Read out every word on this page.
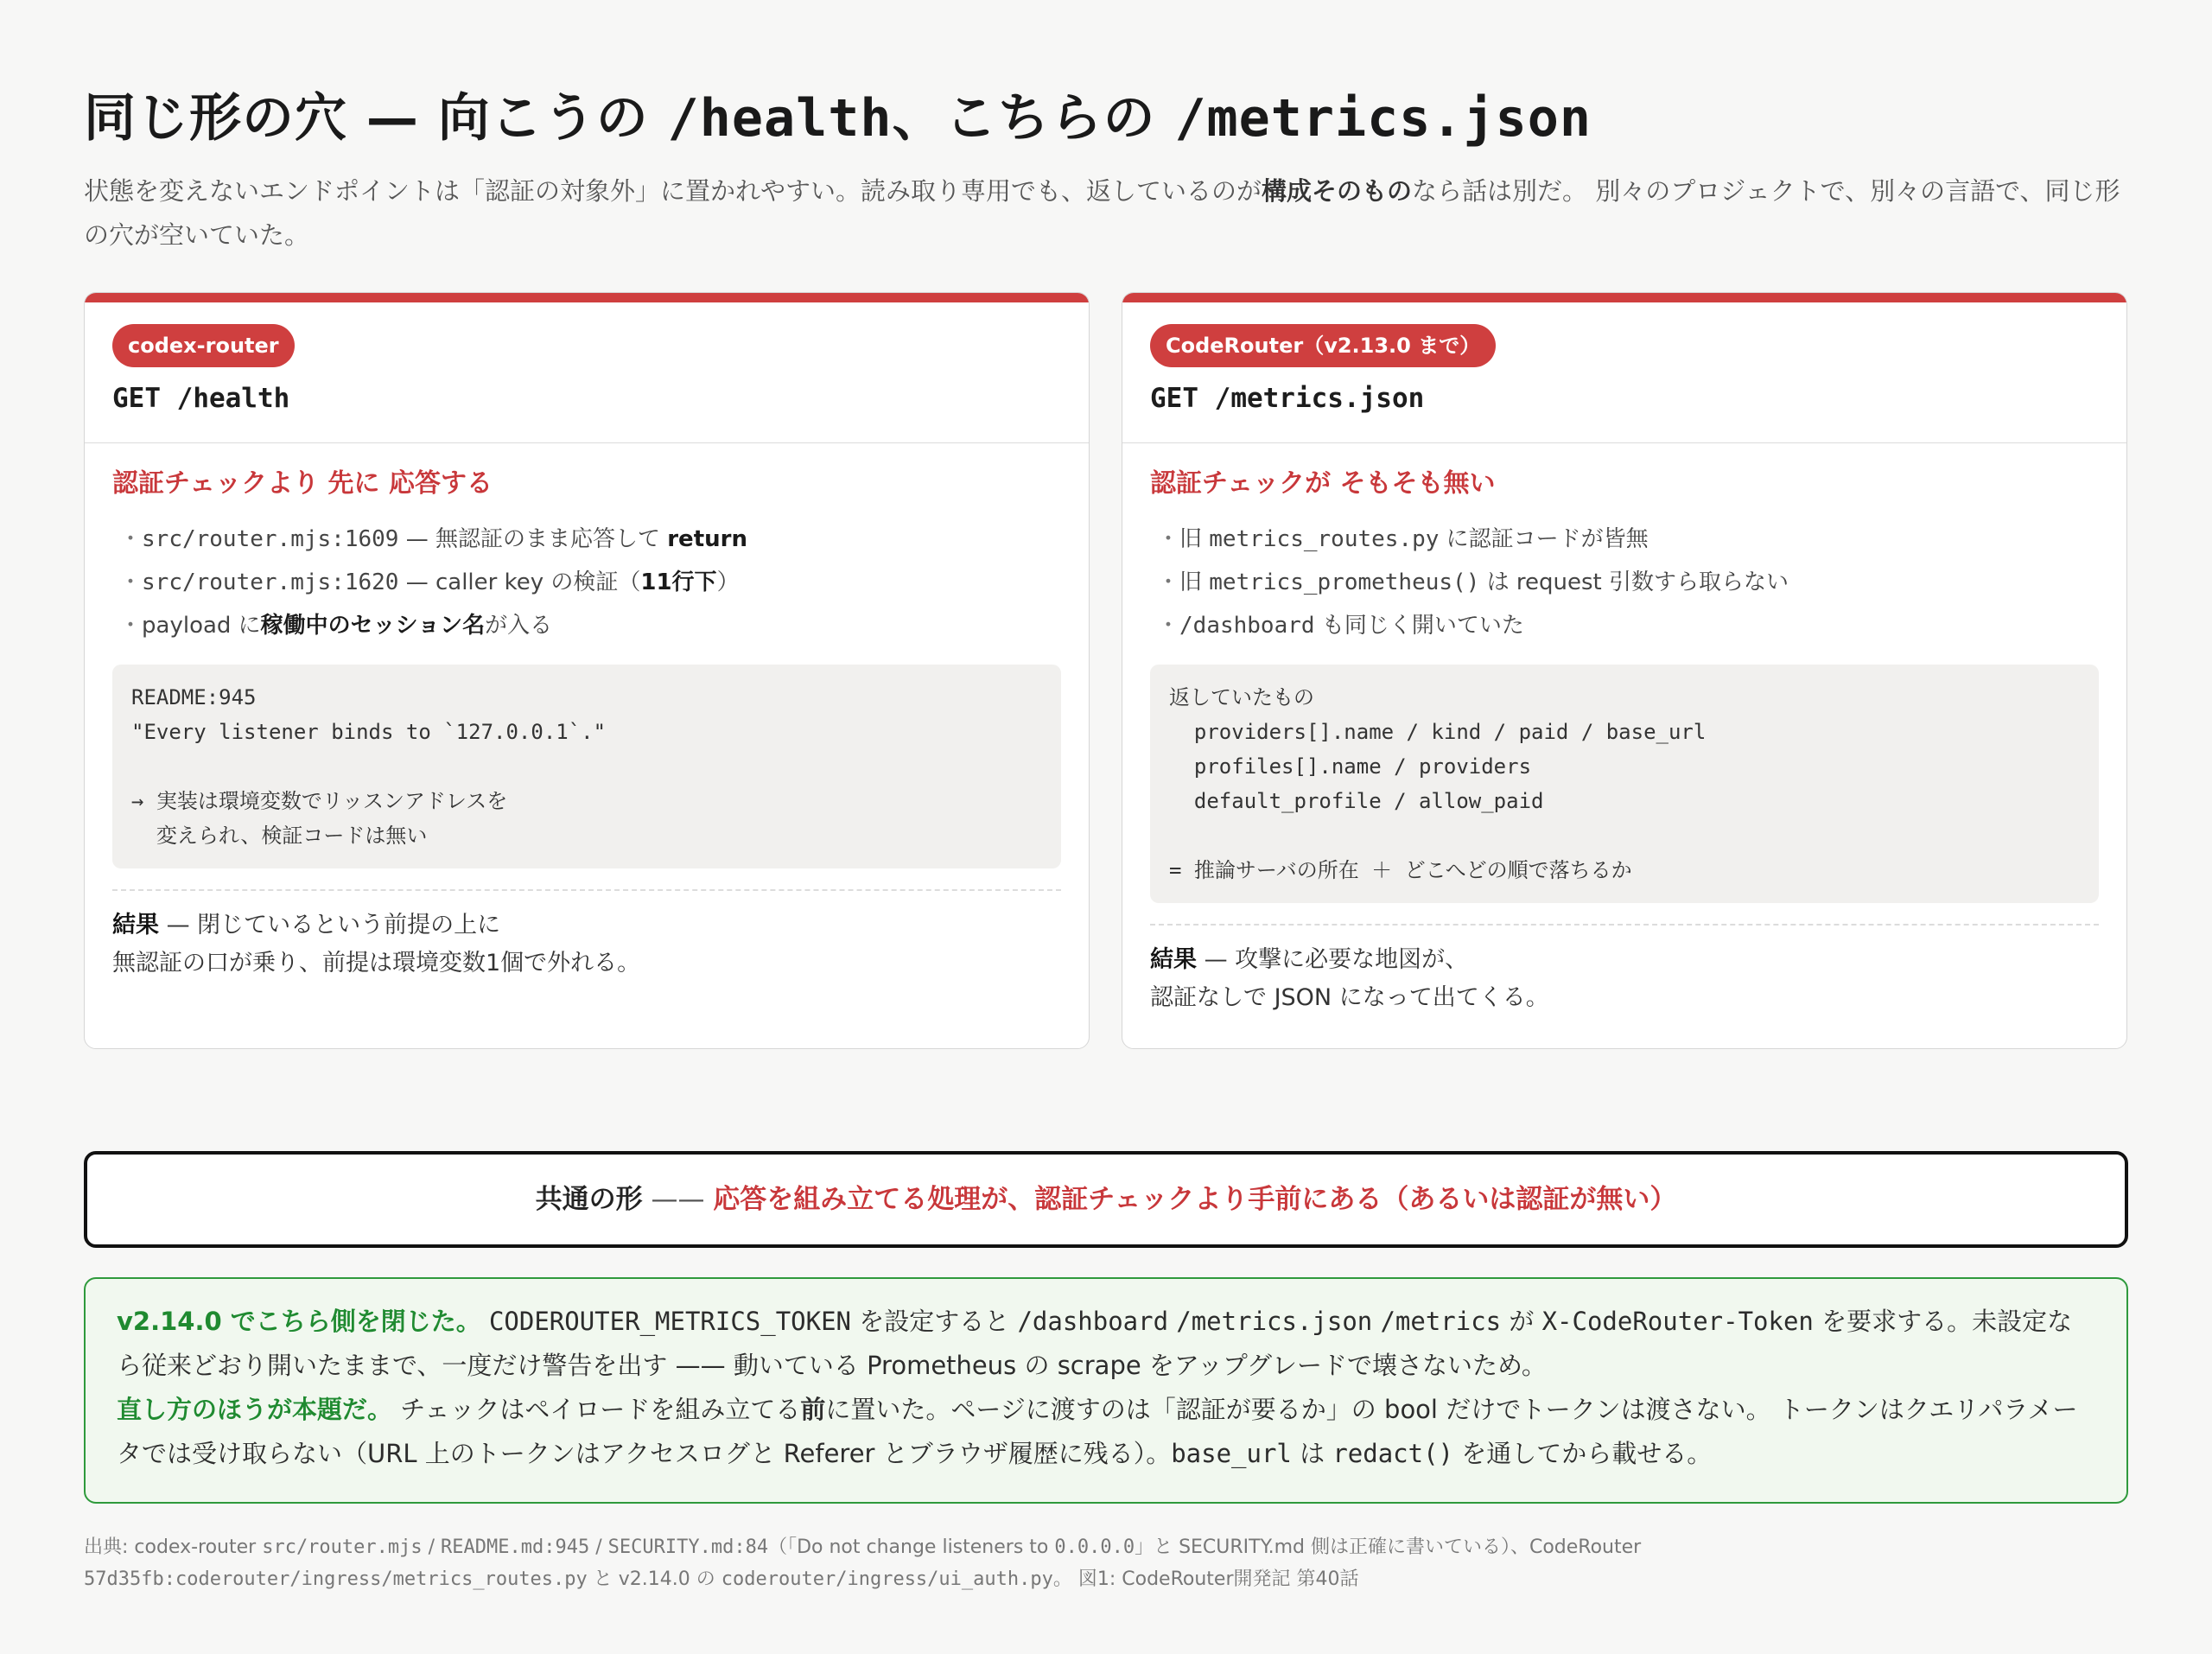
同じ形の穴 — 向こうの /health、こちらの /metrics.json
状態を変えないエンドポイントは「認証の対象外」に置かれやすい。読み取り専用でも、返しているのが構成そのものなら話は別だ。 別々のプロジェクトで、別々の言語で、同じ形の穴が空いていた。
codex-router
GET /health
認証チェックより 先に 応答する
・ src/router.mjs:1609 — 無認証のまま応答して return
・ src/router.mjs:1620 — caller key の検証（11行下）
・ payload に稼働中のセッション名が入る
README:945
"Every listener binds to `127.0.0.1`."

→ 実装は環境変数でリッスンアドレスを
変えられ、検証コードは無い
結果 — 閉じているという前提の上に
無認証の口が乗り、前提は環境変数1個で外れる。
CodeRouter（v2.13.0 まで）
GET /metrics.json
認証チェックが そもそも無い
・ 旧 metrics_routes.py に認証コードが皆無
・ 旧 metrics_prometheus() は request 引数すら取らない
・ /dashboard も同じく開いていた
返していたもの
providers[].name / kind / paid / base_url
profiles[].name / providers
default_profile / allow_paid

= 推論サーバの所在 ＋ どこへどの順で落ちるか
結果 — 攻撃に必要な地図が、
認証なしで JSON になって出てくる。
共通の形 —— 応答を組み立てる処理が、認証チェックより手前にある（あるいは認証が無い）
v2.14.0 でこちら側を閉じた。 CODEROUTER_METRICS_TOKEN を設定すると /dashboard /metrics.json /metrics が X-CodeRouter-Token を要求する。未設定なら従来どおり開いたままで、一度だけ警告を出す —— 動いている Prometheus の scrape をアップグレードで壊さないため。
直し方のほうが本題だ。 チェックはペイロードを組み立てる前に置いた。ページに渡すのは「認証が要るか」の bool だけでトークンは渡さない。 トークンはクエリパラメータでは受け取らない（URL 上のトークンはアクセスログと Referer とブラウザ履歴に残る）。base_url は redact() を通してから載せる。
出典: codex-router src/router.mjs / README.md:945 / SECURITY.md:84（「Do not change listeners to 0.0.0.0」と SECURITY.md 側は正確に書いている）、CodeRouter
57d35fb:coderouter/ingress/metrics_routes.py と v2.14.0 の coderouter/ingress/ui_auth.py。 図1: CodeRouter開発記 第40話
